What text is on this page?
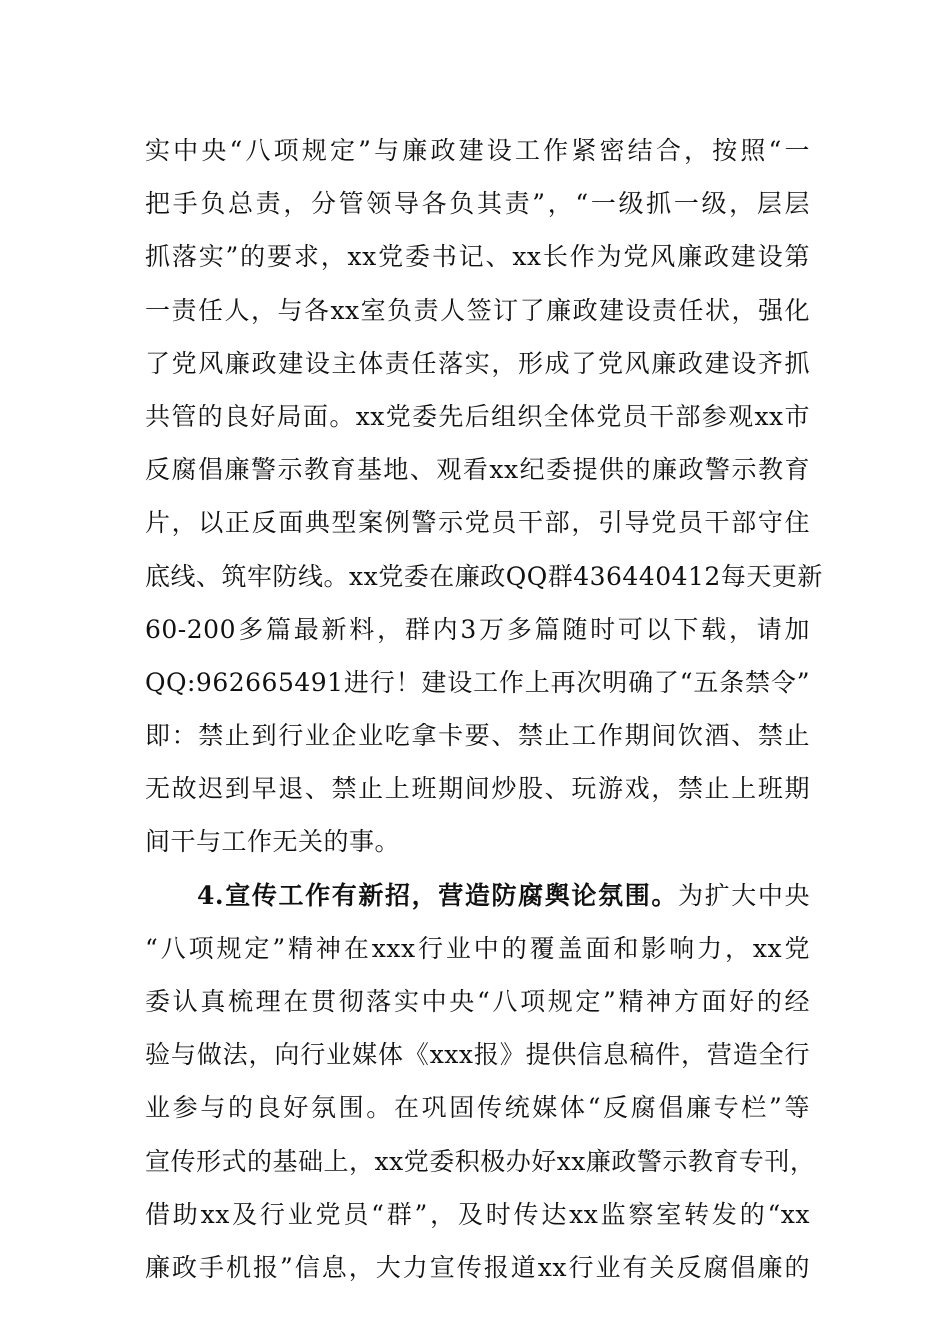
实中央“八项规定”与廉政建设工作紧密结合，按照“一
把手负总责，分管领导各负其责”，“一级抓一级，层层
抓落实”的要求，xx党委书记、xx长作为党风廉政建设第
一责任人，与各xx室负责人签订了廉政建设责任状，强化
了党风廉政建设主体责任落实，形成了党风廉政建设齐抓
共管的良好局面。xx党委先后组织全体党员干部参观xx市
反腐倡廉警示教育基地、观看xx纪委提供的廉政警示教育
片，以正反面典型案例警示党员干部，引导党员干部守住
底线、筑牢防线。xx党委在廉政QQ群436440412每天更新
60-200多篇最新料，群内3万多篇随时可以下载，请加
QQ:962665491进行！建设工作上再次明确了“五条禁令”
即：禁止到行业企业吃拿卡要、禁止工作期间饮酒、禁止
无故迟到早退、禁止上班期间炒股、玩游戏，禁止上班期
间干与工作无关的事。
4.宣传工作有新招，营造防腐舆论氛围。为扩大中央
“八项规定”精神在xxx行业中的覆盖面和影响力，xx党
委认真梳理在贯彻落实中央“八项规定”精神方面好的经
验与做法，向行业媒体《xxx报》提供信息稿件，营造全行
业参与的良好氛围。在巩固传统媒体“反腐倡廉专栏”等
宣传形式的基础上，xx党委积极办好xx廉政警示教育专刊，
借助xx及行业党员“群”，及时传达xx监察室转发的“xx
廉政手机报”信息，大力宣传报道xx行业有关反腐倡廉的
